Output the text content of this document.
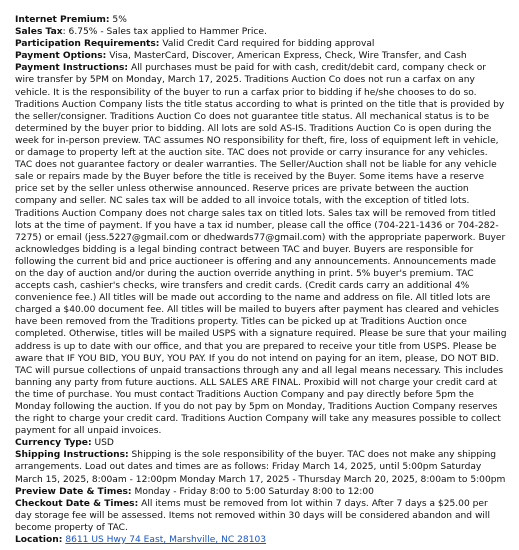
Internet Premium: 5%

Sales Tax: 6.75% - Sales tax applied to Hammer Price.

Participation Requirements: Valid Credit Card required for bidding approval

Payment Options: Visa, MasterCard, Discover, American Express, Check, Wire Transfer, and Cash

Payment Instructions: All purchases must be paid for with cash, credit/debit card, company check or wire transfer by 5PM on Monday, March 17, 2025. Traditions Auction Co does not run a carfax on any vehicle. It is the responsibility of the buyer to run a carfax prior to bidding if he/she chooses to do so. Traditions Auction Company lists the title status according to what is printed on the title that is provided by the seller/consigner. Traditions Auction Co does not guarantee title status. All mechanical status is to be determined by the buyer prior to bidding. All lots are sold AS-IS. Traditions Auction Co is open during the week for in-person preview. TAC assumes NO responsibility for theft, fire, loss of equipment left in vehicle, or damage to property left at the auction site. TAC does not provide or carry insurance for any vehicles. TAC does not guarantee factory or dealer warranties. The Seller/Auction shall not be liable for any vehicle sale or repairs made by the Buyer before the title is received by the Buyer. Some items have a reserve price set by the seller unless otherwise announced. Reserve prices are private between the auction company and seller. NC sales tax will be added to all invoice totals, with the exception of titled lots. Traditions Auction Company does not charge sales tax on titled lots. Sales tax will be removed from titled lots at the time of payment. If you have a tax id number, please call the office (704-221-1436 or 704-282-7275) or email (jess.5227@gmail.com or dhedwards77@gmail.com) with the appropriate paperwork. Buyer acknowledges bidding is a legal binding contract between TAC and buyer. Buyers are responsible for following the current bid and price auctioneer is offering and any announcements. Announcements made on the day of auction and/or during the auction override anything in print. 5% buyer's premium. TAC accepts cash, cashier's checks, wire transfers and credit cards. (Credit cards carry an additional 4% convenience fee.) All titles will be made out according to the name and address on file. All titled lots are charged a $40.00 document fee. All titles will be mailed to buyers after payment has cleared and vehicles have been removed from the Traditions property. Titles can be picked up at Traditions Auction once completed. Otherwise, titles will be mailed USPS with a signature required. Please be sure that your mailing address is up to date with our office, and that you are prepared to receive your title from USPS. Please be aware that IF YOU BID, YOU BUY, YOU PAY. If you do not intend on paying for an item, please, DO NOT BID. TAC will pursue collections of unpaid transactions through any and all legal means necessary. This includes banning any party from future auctions. ALL SALES ARE FINAL. Proxibid will not charge your credit card at the time of purchase. You must contact Traditions Auction Company and pay directly before 5pm the Monday following the auction. If you do not pay by 5pm on Monday, Traditions Auction Company reserves the right to charge your credit card. Traditions Auction Company will take any measures possible to collect payment for all unpaid invoices.

Currency Type: USD

Shipping Instructions: Shipping is the sole responsibility of the buyer. TAC does not make any shipping arrangements. Load out dates and times are as follows: Friday March 14, 2025, until 5:00pm Saturday March 15, 2025, 8:00am - 12:00pm Monday March 17, 2025 - Thursday March 20, 2025, 8:00am to 5:00pm

Preview Date & Times: Monday - Friday 8:00 to 5:00 Saturday 8:00 to 12:00

Checkout Date & Times: All items must be removed from lot within 7 days. After 7 days a $25.00 per day storage fee will be assessed. Items not removed within 30 days will be considered abandon and will become property of TAC.

Location: 8611 US Hwy 74 East, Marshville, NC 28103
